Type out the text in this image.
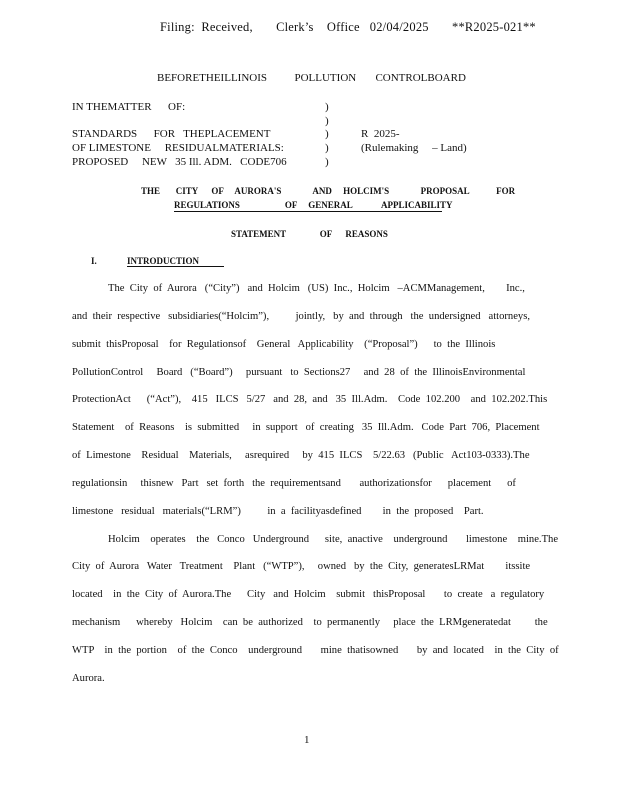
Filing:  Received,       Clerk’s    Office   02/04/2025       **R2025-021**
BEFORETHEILLINOIS          POLLUTION       CONTROLBOARD
IN THEMATTER      OF:
STANDARDS      FOR   THEPLACEMENT
OF LIMESTONE     RESIDUALMATERIALS:
PROPOSED     NEW   35 Ill. ADM.   CODE706
)
)
)
)
)
R  2025-
(Rulemaking     – Land)
THE       CITY      OF     AURORA'S              AND     HOLCIM'S              PROPOSAL            FOR
REGULATIONS                    OF     GENERAL             APPLICABILITY
STATEMENT               OF      REASONS
I.	INTRODUCTION
The  City  of  Aurora   (“City”)   and  Holcim   (US)  Inc.,  Holcim   –ACMManagement,        Inc.,
and  their  respective   subsidiaries(“Holcim”),          jointly,   by  and  through   the  undersigned   attorneys,
submit  thisProposal    for  Regulationsof    General   Applicability    (“Proposal”)      to  the  Illinois
PollutionControl     Board   (“Board”)     pursuant   to  Sections27     and  28  of  the  IllinoisEnvironmental
ProtectionAct      (“Act”),    415   ILCS   5/27   and  28,  and   35  Ill.Adm.    Code  102.200    and  102.202.This
Statement    of  Reasons    is  submitted     in  support   of  creating   35  Ill.Adm.   Code  Part  706,  Placement
of  Limestone    Residual    Materials,     asrequired     by  415  ILCS    5/22.63   (Public   Act103-0333).The
regulationsin     thisnew   Part   set  forth   the  requirementsand       authorizationsfor      placement      of
limestone   residual   materials(“LRM”)          in  a  facilityasdefined        in  the  proposed    Part.
Holcim    operates    the   Conco   Underground      site,  anactive    underground       limestone    mine.The
City  of  Aurora   Water   Treatment    Plant   (“WTP”),     owned   by  the  City,  generatesLRMat        itssite
located    in  the  City  of  Aurora.The      City   and  Holcim    submit   thisProposal       to  create   a  regulatory
mechanism      whereby   Holcim    can  be  authorized    to  permanently     place  the  LRMgeneratedat         the
WTP    in  the  portion    of  the  Conco    underground       mine  thatisowned       by  and  located    in  the  City  of
Aurora.
1
